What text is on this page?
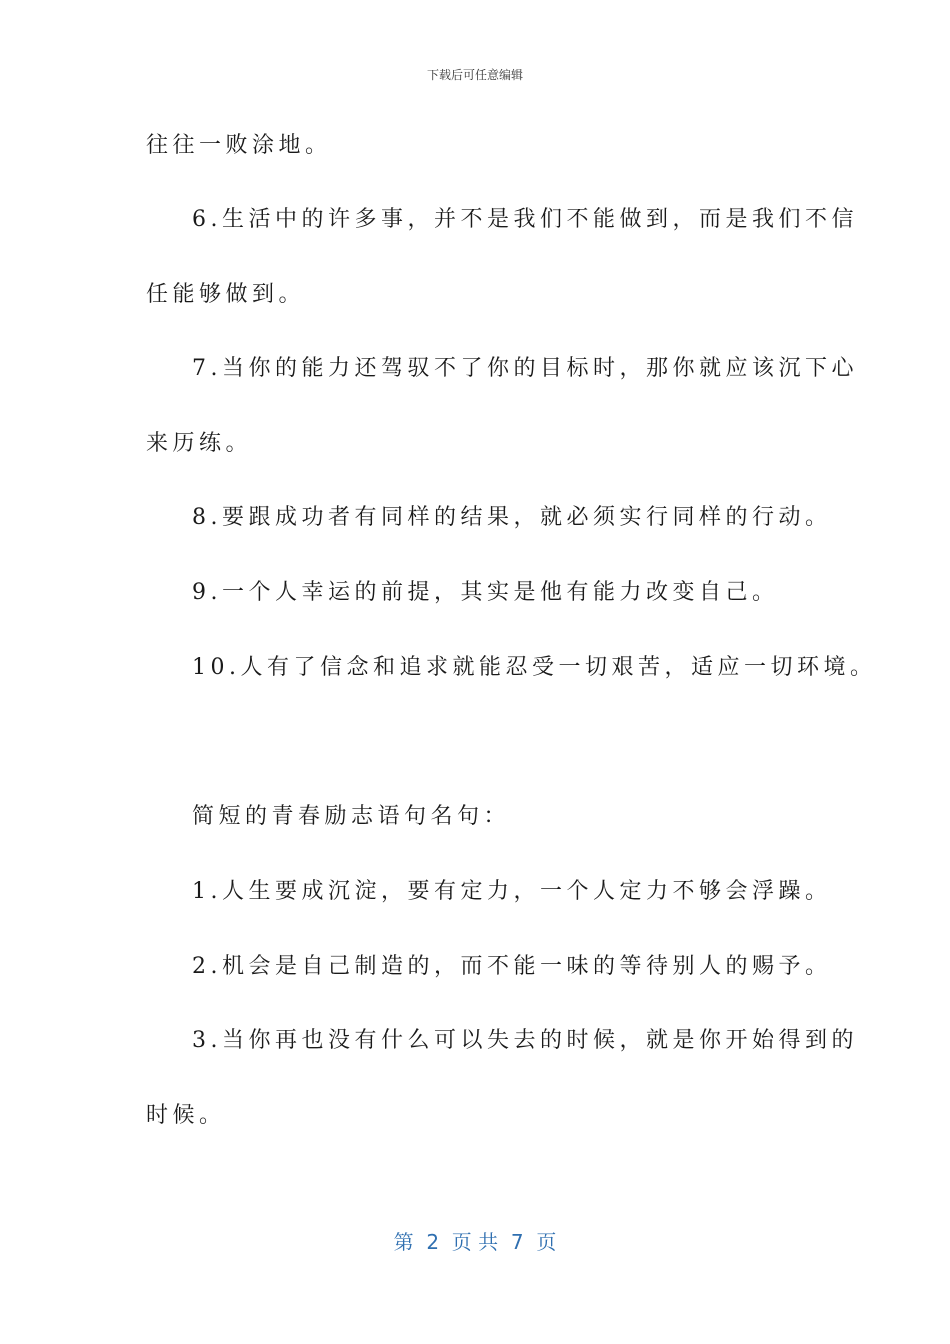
下载后可任意编辑
往往一败涂地。
6.生活中的许多事，并不是我们不能做到，而是我们不信
任能够做到。
7.当你的能力还驾驭不了你的目标时，那你就应该沉下心
来历练。
8.要跟成功者有同样的结果，就必须实行同样的行动。
9.一个人幸运的前提，其实是他有能力改变自己。
10.人有了信念和追求就能忍受一切艰苦，适应一切环境。
简短的青春励志语句名句：
1.人生要成沉淀，要有定力，一个人定力不够会浮躁。
2.机会是自己制造的，而不能一味的等待别人的赐予。
3.当你再也没有什么可以失去的时候，就是你开始得到的
时候。
第  2  页 共  7  页
